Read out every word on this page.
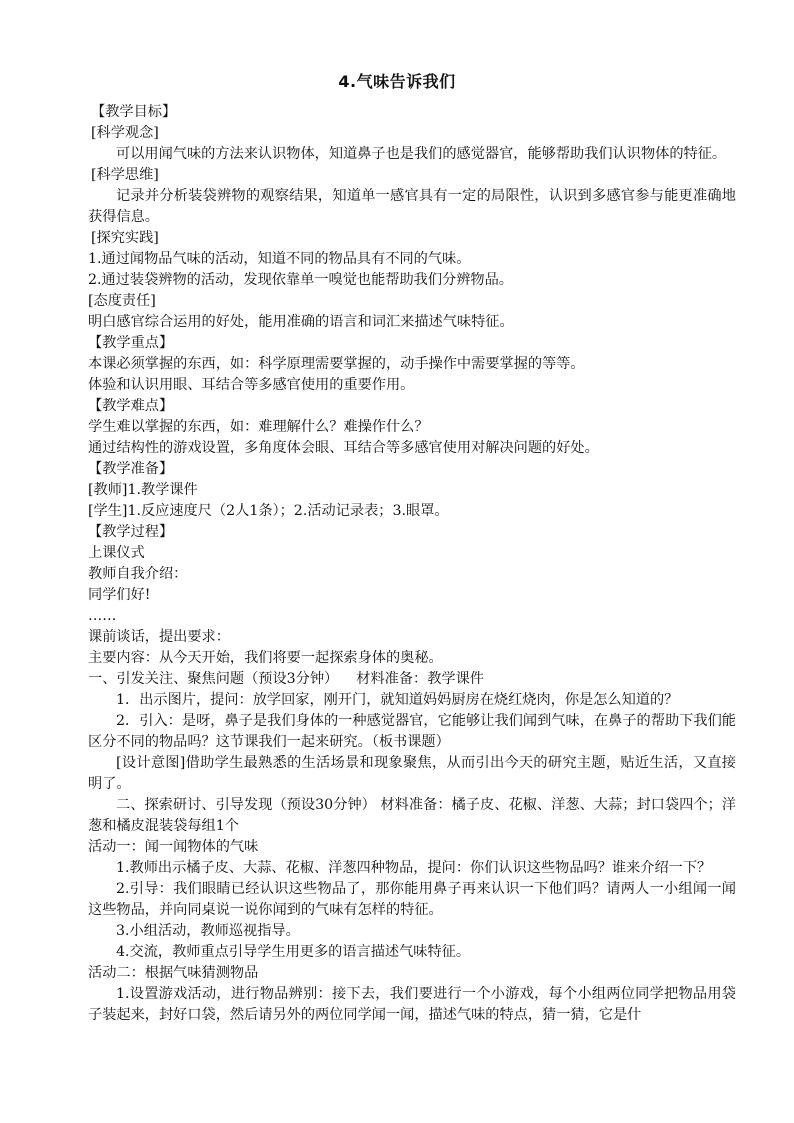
4.气味告诉我们

【教学目标】

[科学观念]

可以用闻气味的方法来认识物体，知道鼻子也是我们的感觉器官，能够帮助我们认识物体的特征。

[科学思维]

记录并分析装袋辨物的观察结果，知道单一感官具有一定的局限性，认识到多感官参与能更准确地获得信息。

[探究实践]

1.通过闻物品气味的活动，知道不同的物品具有不同的气味。

2.通过装袋辨物的活动，发现依靠单一嗅觉也能帮助我们分辨物品。

[态度责任]

明白感官综合运用的好处，能用准确的语言和词汇来描述气味特征。

【教学重点】

本课必须掌握的东西，如：科学原理需要掌握的，动手操作中需要掌握的等等。

体验和认识用眼、耳结合等多感官使用的重要作用。

【教学难点】

学生难以掌握的东西，如：难理解什么？难操作什么？

通过结构性的游戏设置，多角度体会眼、耳结合等多感官使用对解决问题的好处。

【教学准备】

[教师]1.教学课件

[学生]1.反应速度尺（2人1条）；2.活动记录表；3.眼罩。

【教学过程】

上课仪式

教师自我介绍：

同学们好!

……

课前谈话，提出要求：

主要内容：从今天开始，我们将要一起探索身体的奥秘。

一、引发关注、聚焦问题（预设3分钟）    材料准备：教学课件

1．出示图片，提问：放学回家，刚开门，就知道妈妈厨房在烧红烧肉，你是怎么知道的？

2．引入：是呀，鼻子是我们身体的一种感觉器官，它能够让我们闻到气味，在鼻子的帮助下我们能区分不同的物品吗？这节课我们一起来研究。（板书课题）

[设计意图]借助学生最熟悉的生活场景和现象聚焦，从而引出今天的研究主题，贴近生活，又直接明了。

二、探索研讨、引导发现（预设30分钟） 材料准备：橘子皮、花椒、洋葱、大蒜；封口袋四个；洋葱和橘皮混装袋每组1个

活动一：闻一闻物体的气味

1.教师出示橘子皮、大蒜、花椒、洋葱四种物品，提问：你们认识这些物品吗？谁来介绍一下？

2.引导：我们眼睛已经认识这些物品了，那你能用鼻子再来认识一下他们吗？请两人一小组闻一闻这些物品，并向同桌说一说你闻到的气味有怎样的特征。

3.小组活动，教师巡视指导。

4.交流，教师重点引导学生用更多的语言描述气味特征。

活动二：根据气味猜测物品

1.设置游戏活动，进行物品辨别：接下去，我们要进行一个小游戏，每个小组两位同学把物品用袋子装起来，封好口袋，然后请另外的两位同学闻一闻，描述气味的特点，猜一猜，它是什
